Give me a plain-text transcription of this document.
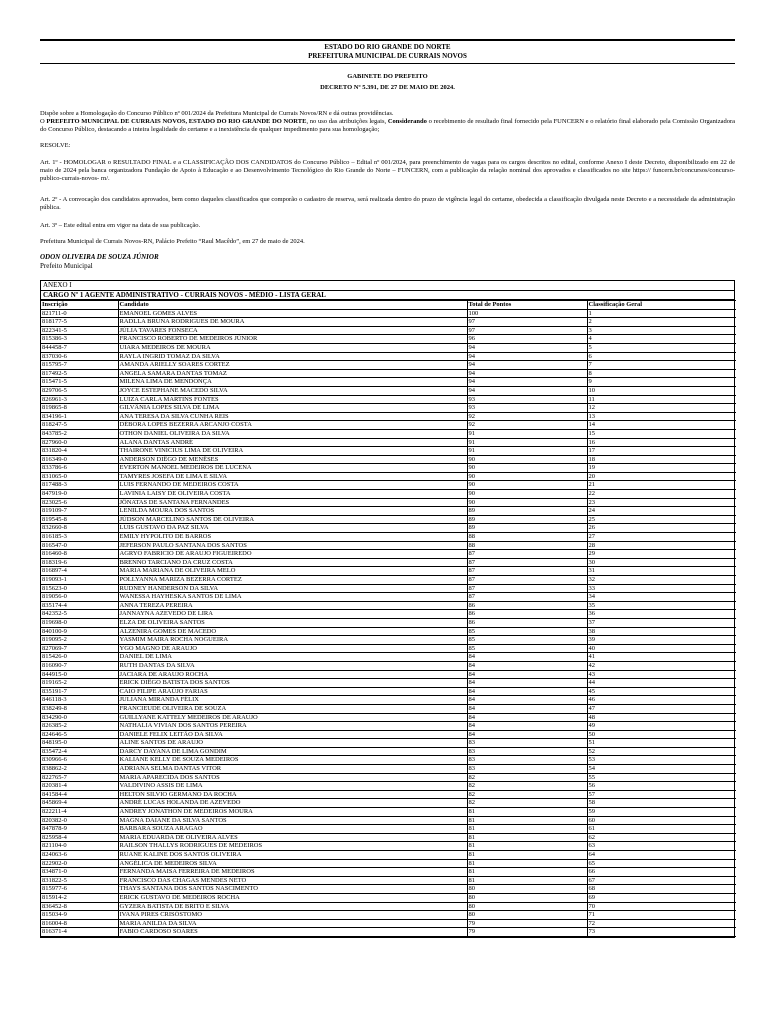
ESTADO DO RIO GRANDE DO NORTE
PREFEITURA MUNICIPAL DE CURRAIS NOVOS
GABINETE DO PREFEITO
DECRETO Nº 5.391, DE 27 DE MAIO DE 2024.
Dispõe sobre a Homologação do Concurso Público nº 001/2024 da Prefeitura Municipal de Currais Novos/RN e dá outras providências.
O PREFEITO MUNICIPAL DE CURRAIS NOVOS, ESTADO DO RIO GRANDE DO NORTE, no uso das atribuições legais, Considerando o recebimento de resultado final fornecido pela FUNCERN e o relatório final elaborado pela Comissão Organizadora do Concurso Público, destacando a inteira legalidade do certame e a inexistência de qualquer impedimento para sua homologação;
RESOLVE:
Art. 1º - HOMOLOGAR o RESULTADO FINAL e a CLASSIFICAÇÃO DOS CANDIDATOS do Concurso Público – Edital nº 001/2024, para preenchimento de vagas para os cargos descritos no edital, conforme Anexo I deste Decreto, disponibilizado em 22 de maio de 2024 pela banca organizadora Fundação de Apoio à Educação e ao Desenvolvimento Tecnológico do Rio Grande do Norte – FUNCERN, com a publicação da relação nominal dos aprovados e classificados no site https:// funcern.br/concursos/concurso-publico-currais-novos- rn/.
Art. 2º - A convocação dos candidatos aprovados, bem como daqueles classificados que comporão o cadastro de reserva, será realizada dentro do prazo de vigência legal do certame, obedecida a classificação divulgada neste Decreto e a necessidade da administração pública.
Art. 3º – Este edital entra em vigor na data de sua publicação.
Prefeitura Municipal de Currais Novos-RN, Palácio Prefeito “Raul Macêdo”, em 27 de maio de 2024.
ODON OLIVEIRA DE SOUZA JÚNIOR
Prefeito Municipal
ANEXO I
CARGO Nº 1 AGENTE ADMINISTRATIVO - CURRAIS NOVOS - MÉDIO - LISTA GERAL
Inscrição	Candidato	Total de Pontos	Classificação Geral
821711-0	EMANOEL GOMES ALVES	100	1
818177-5	RADLLA BRUNA RODRIGUES DE MOURA	97	2
822341-5	JÚLIA TAVARES FONSECA	97	3
815386-3	FRANCISCO ROBERTO DE MEDEIROS JÚNIOR	96	4
844458-7	UIARA MEDEIROS DE MOURA	94	5
837030-6	RAYLA INGRID TOMAZ DA SILVA	94	6
815795-7	AMANDA ARIELLY SOARES CORTEZ	94	7
817492-5	ANGELA SAMARA DANTAS TOMAZ	94	8
815471-5	MILENA LIMA DE MENDONÇA	94	9
829706-5	JOYCE ESTEPHANE MACEDO SILVA	94	10
826961-3	LUIZA CARLA MARTINS FONTES	93	11
819865-8	GILVÂNIA LOPES SILVA DE LIMA	93	12
834196-1	ANA TERESA DA SILVA CUNHA REIS	92	13
818247-5	DÉBORA LOPES BEZERRA ARCANJO COSTA	92	14
843785-2	OTHON DANIEL OLIVEIRA DA SILVA	91	15
827960-0	ALANA DANTAS ANDRÉ	91	16
831820-4	THAIRONE VINICIUS LIMA DE OLIVEIRA	91	17
816349-0	ANDERSON DIÊGO DE MENÊSES	90	18
833786-6	EVERTON MANOEL MEDEIROS DE LUCENA	90	19
831065-0	TAMYRES JOSEFA DE LIMA E SILVA	90	20
817488-3	LUIS FERNANDO DE MEDEIROS COSTA	90	21
847919-0	LAVINIA LAISY DE OLIVEIRA COSTA	90	22
823025-6	JÔNATAS DE SANTANA FERNANDES	90	23
819109-7	LENILDA MOURA DOS SANTOS	89	24
819545-8	JÚDSON MARCELINO SANTOS DE OLIVEIRA	89	25
832660-8	LUIS GUSTAVO DA PAZ SILVA	89	26
816185-3	EMILY HYPOLITO DE BARROS	88	27
816547-0	JEFERSON PAULO SANTANA DOS SANTOS	88	28
816460-8	AGRYO FABRICIO DE ARAUJO FIGUEIREDO	87	29
818319-6	BRENNO TARCIANO DA CRUZ COSTA	87	30
816897-4	MARIA MARIANA DE OLIVEIRA MELO	87	31
819093-1	POLLYANNA MARIZA BEZERRA CORTEZ	87	32
815623-0	RUDNEY HANDERSON DA SILVA	87	33
819056-0	WANESSA HAYHESKA SANTOS DE LIMA	87	34
835174-4	ANNA TEREZA PEREIRA	86	35
842352-5	JANNAYNA AZEVEDO DE LIRA	86	36
819698-0	ELZA DE OLIVEIRA SANTOS	86	37
840100-9	ALZENIRA GOMES DE MACEDO	85	38
819095-2	YASMIM MAIRA ROCHA NOGUEIRA	85	39
827069-7	YGO MAGNO DE ARAUJO	85	40
815426-0	DANIEL DE LIMA	84	41
816090-7	RUTH DANTAS DA SILVA	84	42
844915-0	JACIARA DE ARAUJO ROCHA	84	43
819165-2	ERICK DIÊGO BATISTA DOS SANTOS	84	44
835191-7	CAIO FILIPE ARAÚJO FARIAS	84	45
846118-3	JULIANA MIRANDA FÉLIX	84	46
838249-8	FRANCIEUDE OLIVEIRA DE SOUZA	84	47
834290-0	GUILLYANE KATTELY MEDEIROS DE ARAUJO	84	48
826385-2	NATHALIA VIVIAN DOS SANTOS PEREIRA	84	49
824646-5	DANIELE FELIX LEITÃO DA SILVA	84	50
848195-0	ALINE SANTOS DE ARAUJO	83	51
835472-4	DARCY DAYANA DE LIMA GONDIM	83	52
830966-6	KALIANE KELLY DE SOUZA MEDEIROS	83	53
838862-2	ADRIANA SELMA DANTAS VITOR	83	54
822765-7	MARIA APARECIDA DOS SANTOS	82	55
820381-4	VALDIVINO ASSIS DE LIMA	82	56
841584-4	HELTON SILVIO GERMANO DA ROCHA	82	57
845869-4	ANDRÉ LUCAS HOLANDA DE AZEVEDO	82	58
822211-4	ANDREY JONATHON DE MEDEIROS MOURA	81	59
820382-0	MAGNA DAIANE DA SILVA SANTOS	81	60
847878-9	BARBARA SOUZA ARAGAO	81	61
825958-4	MARIA EDUARDA DE OLIVEIRA ALVES	81	62
821104-0	RAILSON THALLYS RODRIGUES DE MEDEIROS	81	63
824063-6	RUANE KALINE DOS SANTOS OLIVEIRA	81	64
822902-0	ANGÉLICA DE MEDEIROS SILVA	81	65
834871-0	FERNANDA MAISA FERREIRA DE MEDEIROS	81	66
831822-5	FRANCISCO DAS CHAGAS MENDES NETO	81	67
815977-6	THAYS SANTANA DOS SANTOS NASCIMENTO	80	68
815914-2	ERICK GUSTAVO DE MEDEIROS ROCHA	80	69
836452-8	GYZERA BATISTA DE BRITO E SILVA	80	70
815034-9	IVANA PIRES CRISÓSTOMO	80	71
816004-8	MARIA ANILDA DA SILVA	79	72
816371-4	FABIO CARDOSO SOARES	79	73
